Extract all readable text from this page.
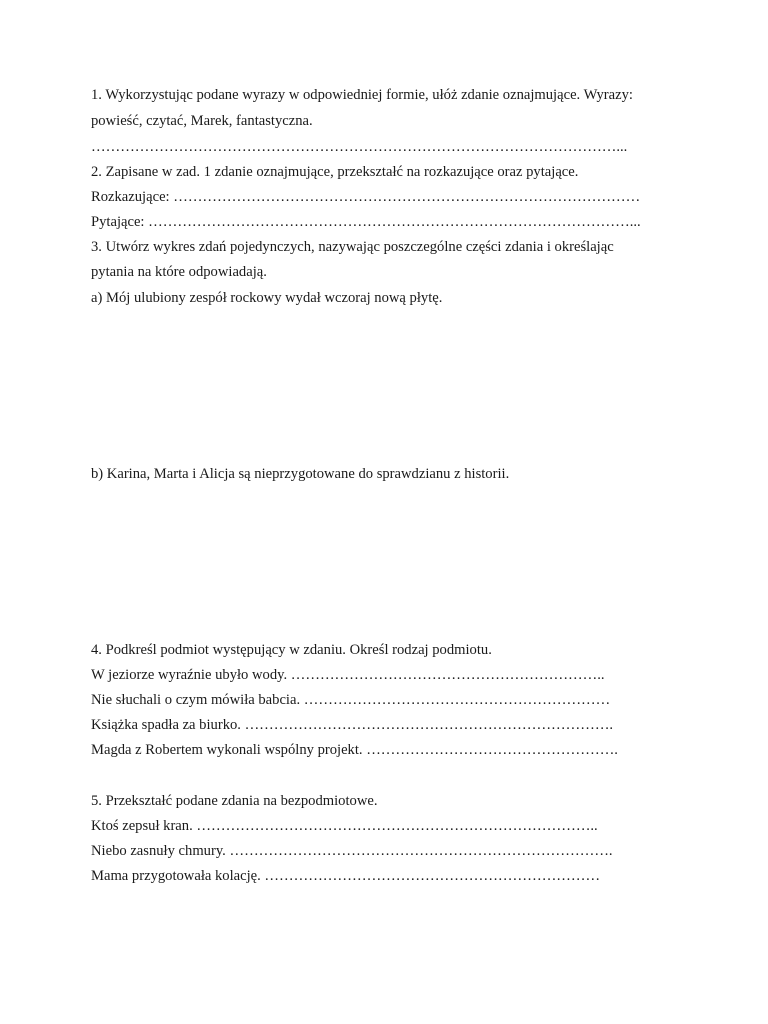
1. Wykorzystując podane wyrazy w odpowiedniej formie, ułóż zdanie oznajmujące. Wyrazy:
powieść, czytać, Marek, fantastyczna.
………………………………………………………………………………………………...
2. Zapisane w zad. 1 zdanie oznajmujące, przekształć na rozkazujące oraz pytające.
Rozkazujące: ……………………………………………………………………………………
Pytające: ………………………………………………………………………………………...
3. Utwórz wykres zdań pojedynczych, nazywając poszczególne części zdania i określając
pytania na które odpowiadają.
a) Mój ulubiony zespół rockowy wydał wczoraj nową płytę.
b) Karina, Marta i Alicja są nieprzygotowane do sprawdzianu z historii.
4. Podkreśl podmiot występujący w zdaniu. Określ rodzaj podmiotu.
W jeziorze wyraźnie ubyło wody. ………………………………………………………..
Nie słuchali o czym mówiła babcia. ………………………………………………………
Książka spadła za biurko. ………………………………………………………………….
Magda z Robertem wykonali wspólny projekt. …………………………………………….
5. Przekształć podane zdania na bezpodmiotowe.
Ktoś zepsuł kran. ………………………………………………………………………..
Niebo zasnuły chmury. …………………………………………………………………….
Mama przygotowała kolację. ……………………………………………………………
